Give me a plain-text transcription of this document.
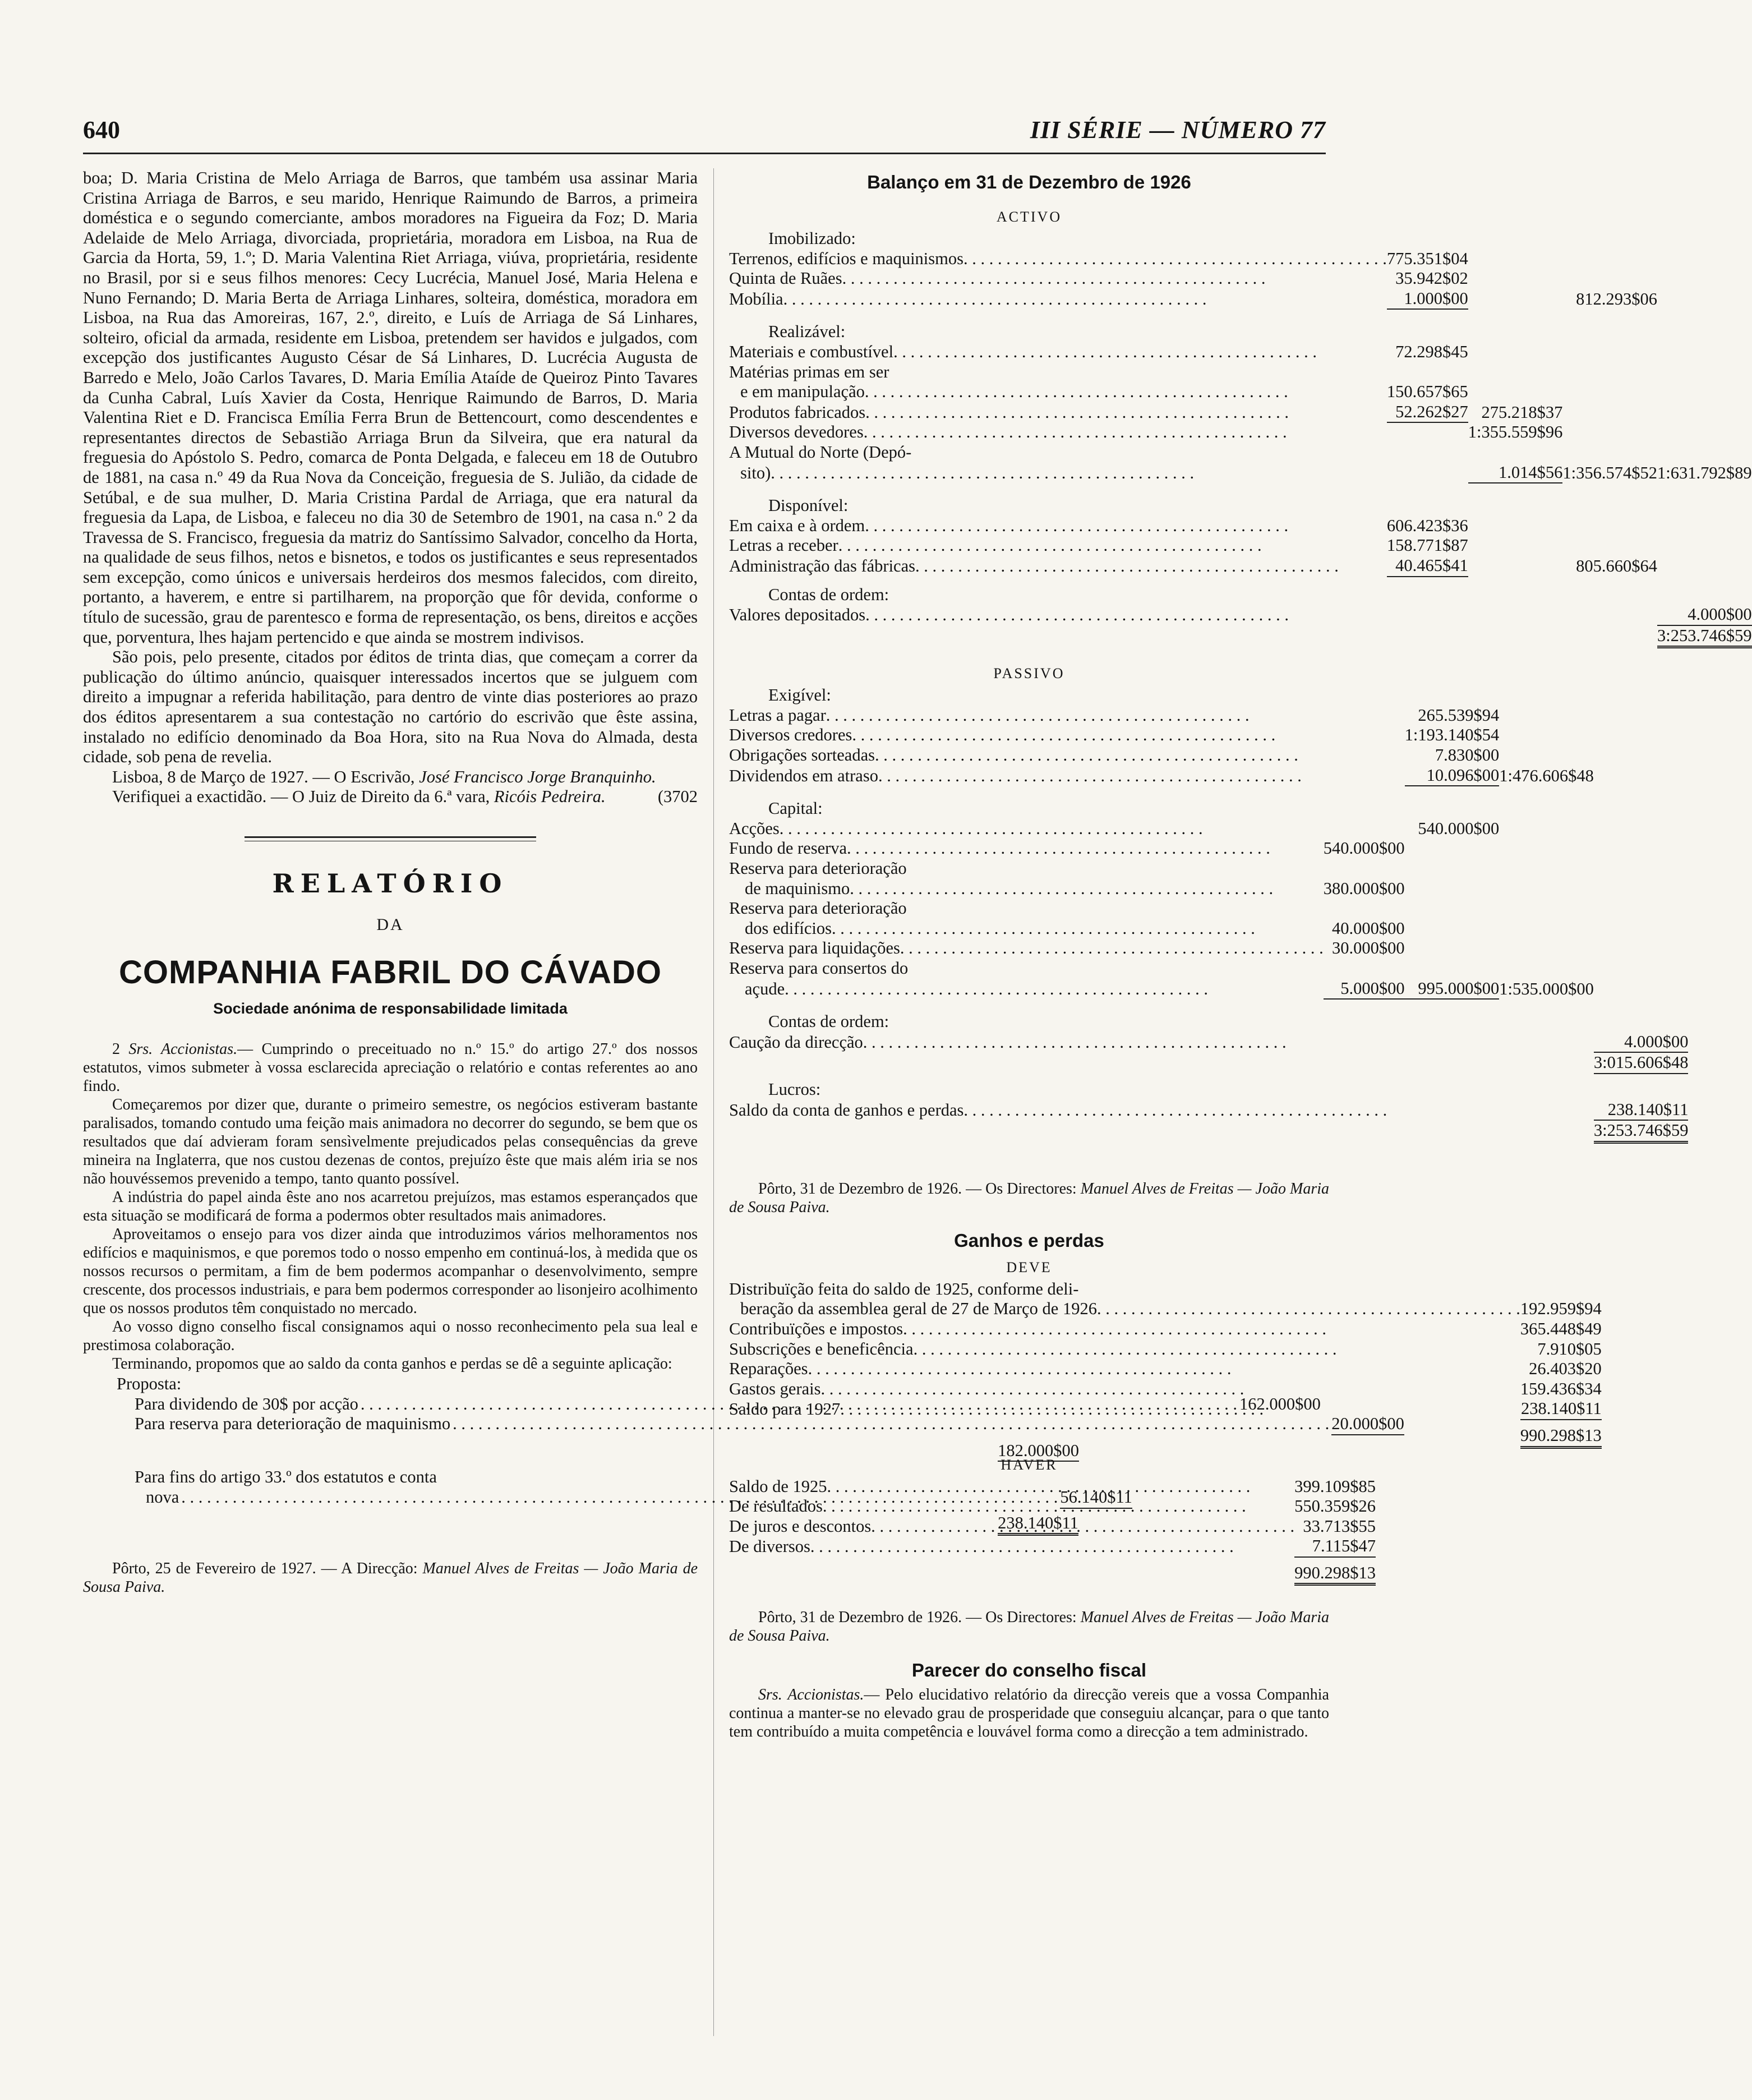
640	III SÉRIE — NÚMERO 77

boa; D. Maria Cristina de Melo Arriaga de Barros, que também usa assinar Maria Cristina Arriaga de Barros, e seu marido, Henrique Raimundo de Barros, a primeira doméstica e o segundo comerciante, ambos moradores na Figueira da Foz; D. Maria Adelaide de Melo Arriaga, divorciada, proprietária, moradora em Lisboa, na Rua de Garcia da Horta, 59, 1.º; D. Maria Valentina Riet Arriaga, viúva, proprietária, residente no Brasil, por si e seus filhos menores: Cecy Lucrécia, Manuel José, Maria Helena e Nuno Fernando; D. Maria Berta de Arriaga Linhares, solteira, doméstica, moradora em Lisboa, na Rua das Amoreiras, 167, 2.º, direito, e Luís de Arriaga de Sá Linhares, solteiro, oficial da armada, residente em Lisboa, pretendem ser havidos e julgados, com excepção dos justificantes Augusto César de Sá Linhares, D. Lucrécia Augusta de Barredo e Melo, João Carlos Tavares, D. Maria Emília Ataíde de Queiroz Pinto Tavares da Cunha Cabral, Luís Xavier da Costa, Henrique Raimundo de Barros, D. Maria Valentina Riet e D. Francisca Emília Ferra Brun de Bettencourt, como descendentes e representantes directos de Sebastião Arriaga Brun da Silveira, que era natural da freguesia do Apóstolo S. Pedro, comarca de Ponta Delgada, e faleceu em 18 de Outubro de 1881, na casa n.º 49 da Rua Nova da Conceição, freguesia de S. Julião, da cidade de Setúbal, e de sua mulher, D. Maria Cristina Pardal de Arriaga, que era natural da freguesia da Lapa, de Lisboa, e faleceu no dia 30 de Setembro de 1901, na casa n.º 2 da Travessa de S. Francisco, freguesia da matriz do Santíssimo Salvador, concelho da Horta, na qualidade de seus filhos, netos e bisnetos, e todos os justificantes e seus representados sem excepção, como únicos e universais herdeiros dos mesmos falecidos, com direito, portanto, a haverem, e entre si partilharem, na proporção que fôr devida, conforme o título de sucessão, grau de parentesco e forma de representação, os bens, direitos e acções que, porventura, lhes hajam pertencido e que ainda se mostrem indivisos.

São pois, pelo presente, citados por éditos de trinta dias, que começam a correr da publicação do último anúncio, quaisquer interessados incertos que se julguem com direito a impugnar a referida habilitação, para dentro de vinte dias posteriores ao prazo dos éditos apresentarem a sua contestação no cartório do escrivão que êste assina, instalado no edifício denominado da Boa Hora, sito na Rua Nova do Almada, desta cidade, sob pena de revelia.

Lisboa, 8 de Março de 1927. — O Escrivão, José Francisco Jorge Branquinho.

Verifiquei a exactidão. — O Juiz de Direito da 6.ª vara, Ricóis Pedreira.	(3702

RELATÓRIO
DA
COMPANHIA FABRIL DO CÁVADO
Sociedade anónima de responsabilidade limitada

2 Srs. Accionistas.— Cumprindo o preceituado no n.º 15.º do artigo 27.º dos nossos estatutos, vimos submeter à vossa esclarecida apreciação o relatório e contas referentes ao ano findo.

Começaremos por dizer que, durante o primeiro semestre, os negócios estiveram bastante paralisados, tomando contudo uma feição mais animadora no decorrer do segundo, se bem que os resultados que daí advieram foram sensìvelmente prejudicados pelas consequências da greve mineira na Inglaterra, que nos custou dezenas de contos, prejuízo êste que mais além iria se nos não houvéssemos prevenido a tempo, tanto quanto possível.

A indústria do papel ainda êste ano nos acarretou prejuízos, mas estamos esperançados que esta situação se modificará de forma a podermos obter resultados mais animadores.

Aproveitamos o ensejo para vos dizer ainda que introduzimos vários melhoramentos nos edifícios e maquinismos, e que poremos todo o nosso empenho em continuá-los, à medida que os nossos recursos o permitam, a fim de bem podermos acompanhar o desenvolvimento, sempre crescente, dos processos industriais, e para bem podermos corresponder ao lisonjeiro acolhimento que os nossos produtos têm conquistado no mercado.

Ao vosso digno conselho fiscal consignamos aqui o nosso reconhecimento pela sua leal e prestimosa colaboração.

Terminando, propomos que ao saldo da conta ganhos e perdas se dê a seguinte aplicação:

Proposta:
Para dividendo de 30$ por acção . . .	162.000$00
Para reserva para deterioração de maquinismo . . .	20.000$00
182.000$00
Para fins do artigo 33.º dos estatutos e conta
nova . . .	56.140$11
238.140$11

Pôrto, 25 de Fevereiro de 1927. — A Direcção: Manuel Alves de Freitas — João Maria de Sousa Paiva.

Balanço em 31 de Dezembro de 1926
ACTIVO
Imobilizado:
Terrenos, edifícios e maquinismos
. . .	775.351$04			

Quinta de Ruães
. . .	35.942$02			

Mobília
. . .	1.000$00		812.293$06	

Realizável:				

Materiais e combustível
. . .	72.298$45			
Matérias primas em ser				

e em manipulação
. . .	150.657$65			

Produtos fabricados
. . .	52.262$27	275.218$37		

Diversos devedores
. . .		1:355.559$96		
A Mutual do Norte (Depó-				

sito)
. . .		1.014$56	1:356.574$52	1:631.792$89

Disponível:				

Em caixa e à ordem
. . .	606.423$36			

Letras a receber
. . .	158.771$87			

Administração das fábricas
. . .	40.465$41		805.660$64	

Contas de ordem:				

Valores depositados
. . .				4.000$00
				3:253.746$59
PASSIVO
Exigível:				

Letras a pagar
. . .		265.539$94		

Diversos credores
. . .		1:193.140$54		

Obrigações sorteadas
. . .		7.830$00		

Dividendos em atraso
. . .		10.096$00	1:476.606$48	

Capital:				

Acções
. . .		540.000$00		

Fundo de reserva
. . .	540.000$00			
Reserva para deterioração				

de maquinismo
. . .	380.000$00			
Reserva para deterioração				

dos edifícios
. . .	40.000$00			

Reserva para liquidações
. . .	30.000$00			
Reserva para consertos do				

açude
. . .	5.000$00	995.000$00	1:535.000$00	

Contas de ordem:				

Caução da direcção
. . .				4.000$00
				3:015.606$48

Lucros:				

Saldo da conta de ganhos e perdas
. . .				238.140$11
				3:253.746$59

Pôrto, 31 de Dezembro de 1926. — Os Directores: Manuel Alves de Freitas — João Maria de Sousa Paiva.

Ganhos e perdas
DEVE
Distribuïção feita do saldo de 1925, conforme deli-	

beração da assemblea geral de 27 de Março de 1926
. . .	192.959$94

Contribuïções e impostos
. . .	365.448$49

Subscrições e beneficência
. . .	7.910$05

Reparações
. . .	26.403$20

Gastos gerais
. . .	159.436$34

Saldo para 1927
. . .	238.140$11

	990.298$13
HAVER
Saldo de 1925
. . .	399.109$85

De resultados
. . .	550.359$26

De juros e descontos
. . .	33.713$55

De diversos
. . .	7.115$47

	990.298$13

Pôrto, 31 de Dezembro de 1926. — Os Directores: Manuel Alves de Freitas — João Maria de Sousa Paiva.

Parecer do conselho fiscal

Srs. Accionistas.— Pelo elucidativo relatório da direcção vereis que a vossa Companhia continua a manter-se no elevado grau de prosperidade que conseguiu alcançar, para o que tanto tem contribuído a muita competência e louvável forma como a direcção a tem administrado.
